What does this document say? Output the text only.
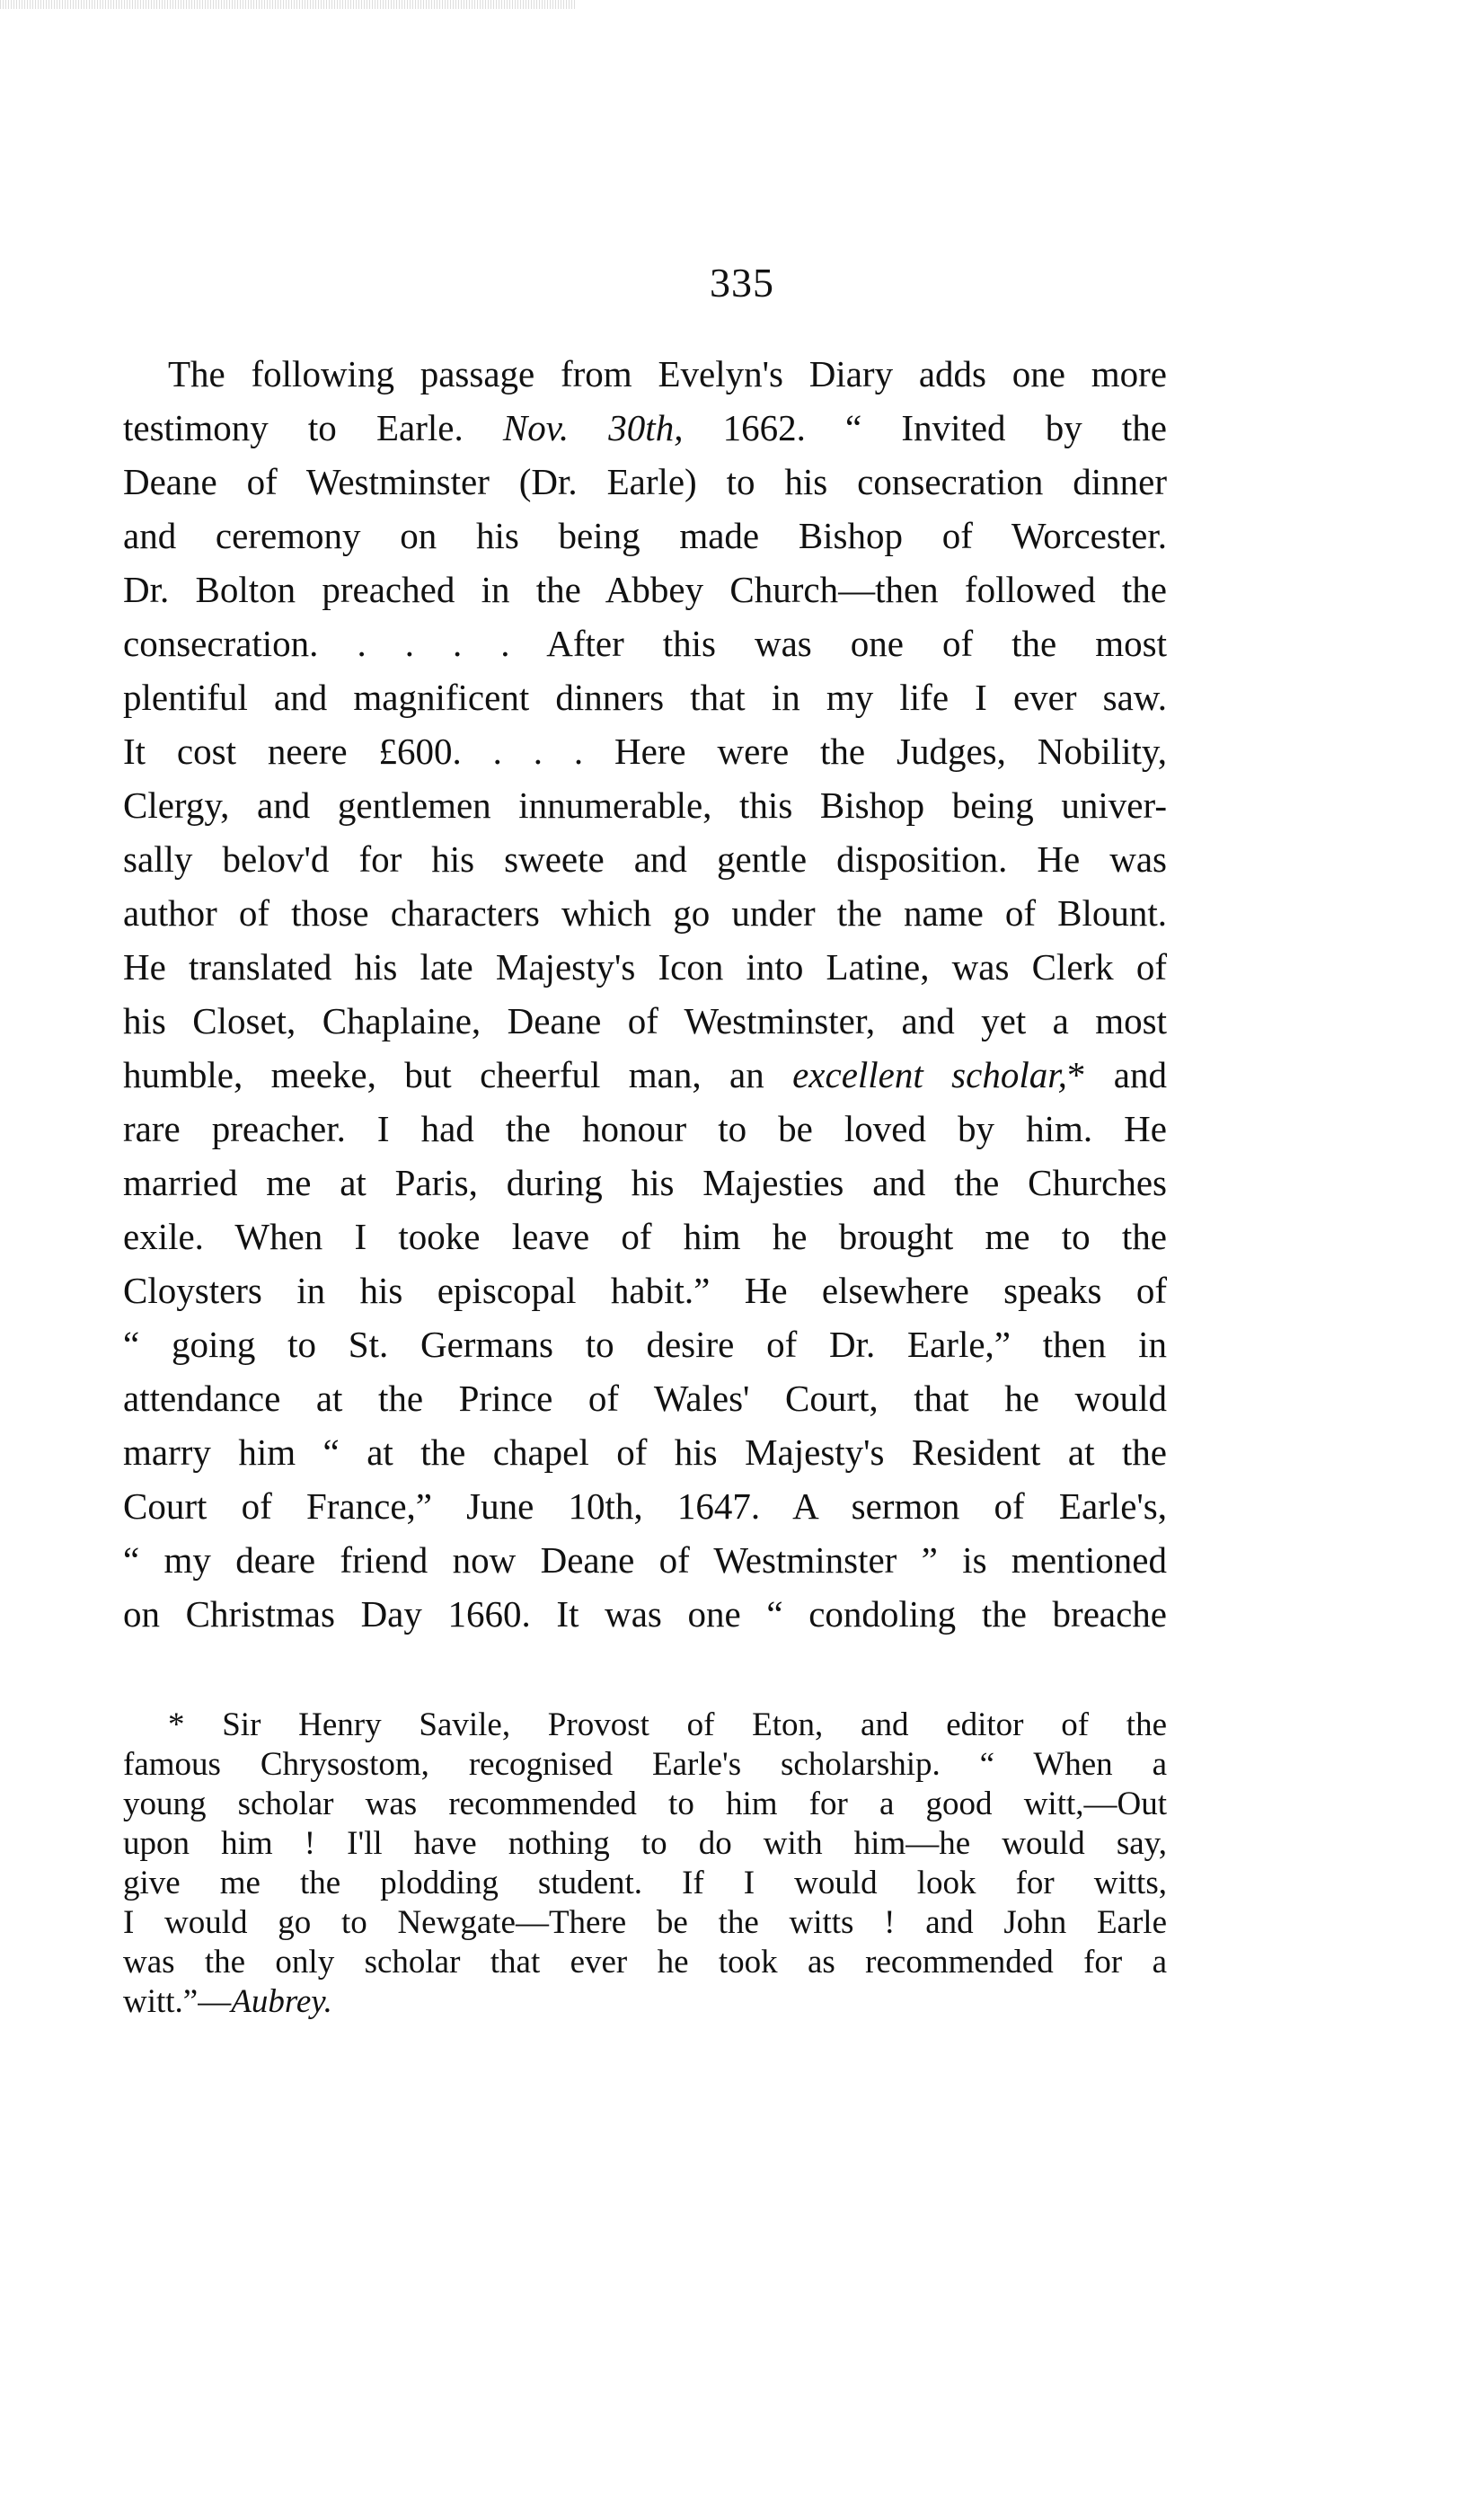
335
The following passage from Evelyn's Diary adds one more
testimony to Earle. Nov. 30th, 1662. “ Invited by the
Deane of Westminster (Dr. Earle) to his consecration dinner
and ceremony on his being made Bishop of Worcester.
Dr. Bolton preached in the Abbey Church—then followed the
consecration. . . . . After this was one of the most
plentiful and magnificent dinners that in my life I ever saw.
It cost neere £600. . . . Here were the Judges, Nobility,
Clergy, and gentlemen innumerable, this Bishop being univer-
sally belov'd for his sweete and gentle disposition. He was
author of those characters which go under the name of Blount.
He translated his late Majesty's Icon into Latine, was Clerk of
his Closet, Chaplaine, Deane of Westminster, and yet a most
humble, meeke, but cheerful man, an excellent scholar,* and
rare preacher. I had the honour to be loved by him. He
married me at Paris, during his Majesties and the Churches
exile. When I tooke leave of him he brought me to the
Cloysters in his episcopal habit.” He elsewhere speaks of
“ going to St. Germans to desire of Dr. Earle,” then in
attendance at the Prince of Wales' Court, that he would
marry him “ at the chapel of his Majesty's Resident at the
Court of France,” June 10th, 1647. A sermon of Earle's,
“ my deare friend now Deane of Westminster ” is mentioned
on Christmas Day 1660. It was one “ condoling the breache
* Sir Henry Savile, Provost of Eton, and editor of the
famous Chrysostom, recognised Earle's scholarship. “ When a
young scholar was recommended to him for a good witt,—Out
upon him ! I'll have nothing to do with him—he would say,
give me the plodding student. If I would look for witts,
I would go to Newgate—There be the witts ! and John Earle
was the only scholar that ever he took as recommended for a
witt.”—Aubrey.
